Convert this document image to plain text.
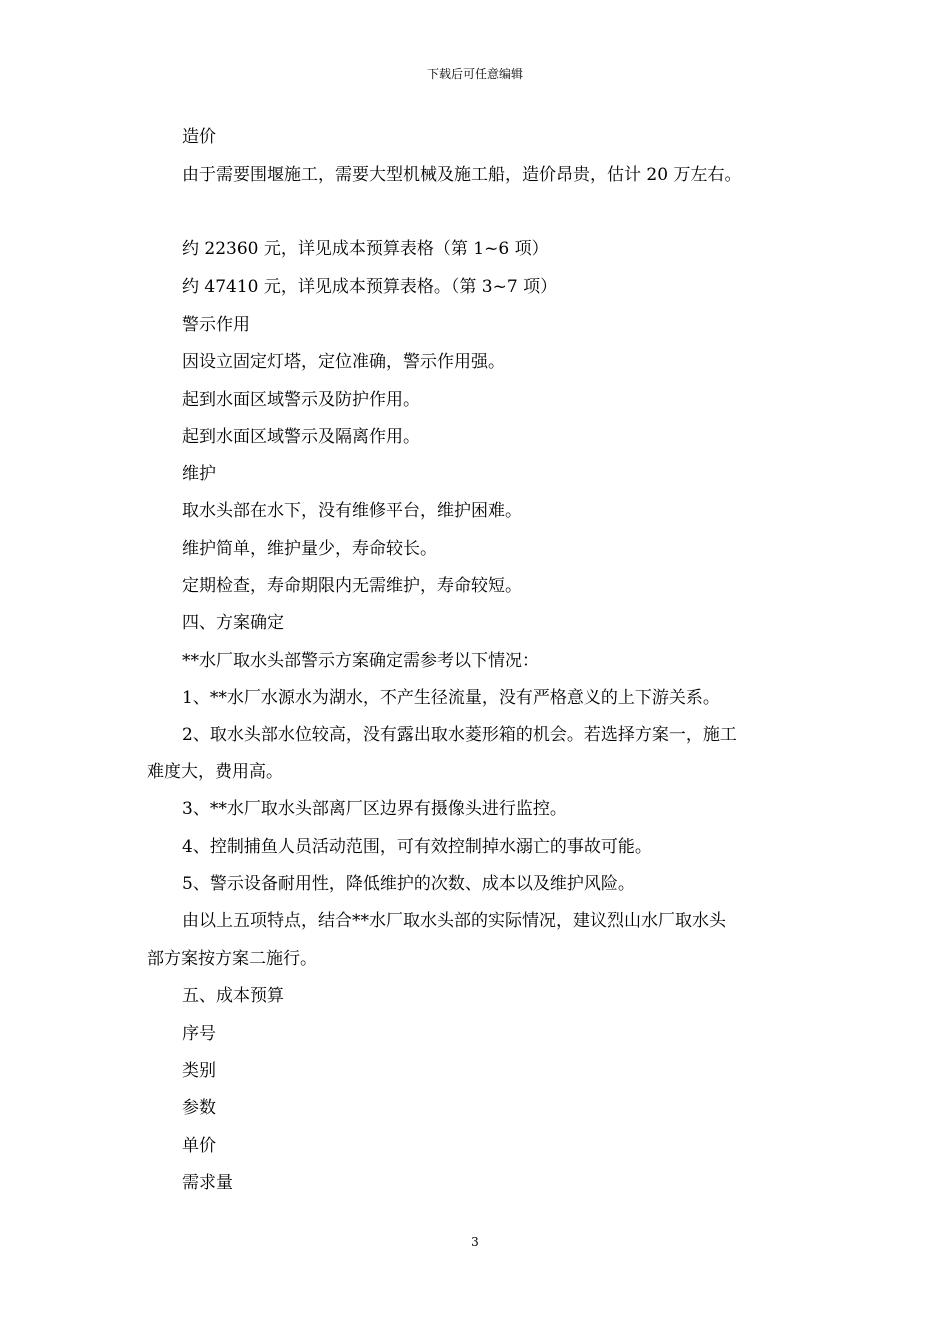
下载后可任意编辑
造价
由于需要围堰施工，需要大型机械及施工船，造价昂贵，估计 20 万左右。
约 22360 元，详见成本预算表格（第 1~6 项）
约 47410 元，详见成本预算表格。（第 3~7 项）
警示作用
因设立固定灯塔，定位准确，警示作用强。
起到水面区域警示及防护作用。
起到水面区域警示及隔离作用。
维护
取水头部在水下，没有维修平台，维护困难。
维护简单，维护量少，寿命较长。
定期检查，寿命期限内无需维护，寿命较短。
四、方案确定
**水厂取水头部警示方案确定需参考以下情况：
1、**水厂水源水为湖水，不产生径流量，没有严格意义的上下游关系。
2、取水头部水位较高，没有露出取水菱形箱的机会。若选择方案一，施工
难度大，费用高。
3、**水厂取水头部离厂区边界有摄像头进行监控。
4、控制捕鱼人员活动范围，可有效控制掉水溺亡的事故可能。
5、警示设备耐用性，降低维护的次数、成本以及维护风险。
由以上五项特点，结合**水厂取水头部的实际情况，建议烈山水厂取水头
部方案按方案二施行。
五、成本预算
序号
类别
参数
单价
需求量
3
